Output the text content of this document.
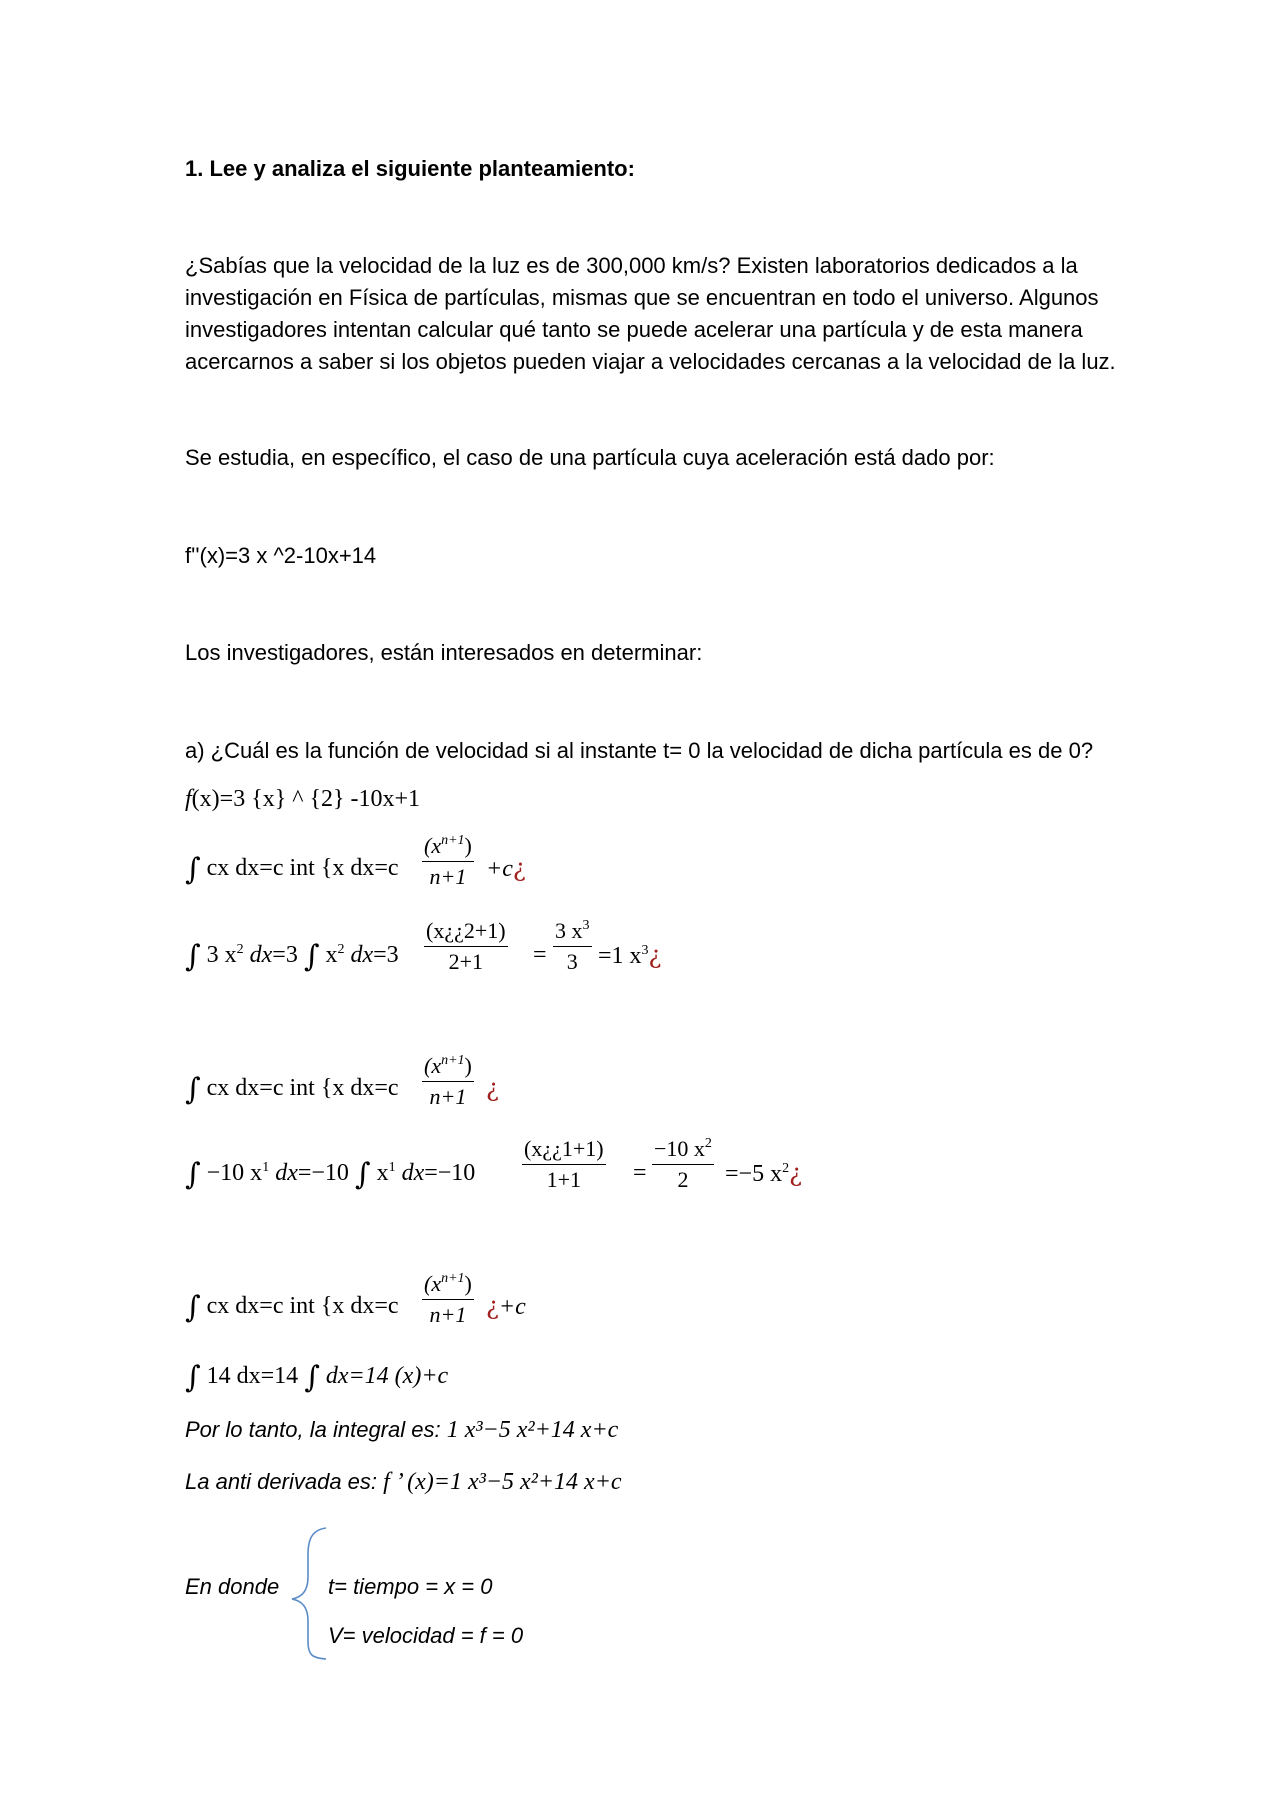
1. Lee y analiza el siguiente planteamiento:
¿Sabías que la velocidad de la luz es de 300,000 km/s? Existen laboratorios dedicados a la
investigación en Física de partículas, mismas que se encuentran en todo el universo. Algunos
investigadores intentan calcular qué tanto se puede acelerar una partícula y de esta manera
acercarnos a saber si los objetos pueden viajar a velocidades cercanas a la velocidad de la luz.
Se estudia, en específico, el caso de una partícula cuya aceleración está dado por:
f''(x)=3 x ^2-10x+14
Los investigadores, están interesados en determinar:
a) ¿Cuál es la función de velocidad si al instante t= 0 la velocidad de dicha partícula es de 0?
f(x)=3 {x} ^ {2} -10x+1
∫ cx dx=c int {x $dx=c \frac{(x^{n+1})}{n+1}$ +c¿
∫ 3 $x^2$ dx=3 ∫ $x^2$ $dx=3 \frac{(x¿¿2+1)}{2+1} = \frac{3 x^3}{3} =1$ $x^3¿$
∫ cx dx=c int {x $dx=c \frac{(x^{n+1})}{n+1}$ ¿
∫ −10 $x^1$ dx=−10 ∫ $x^1$ $dx=-10 \frac{(x¿¿1+1)}{1+1} = \frac{-10 x^2}{2} =-5$ $x^2¿$
∫ cx dx=c int {x $dx=c \frac{(x^{n+1})}{n+1}$ ¿+c
∫ 14 dx=14 ∫ dx=14 (x)+c
Por lo tanto, la integral es: 1 x³−5 x²+14 x+c
La anti derivada es: f ’ (x)=1 x³−5 x²+14 x+c
En donde t= tiempo = x = 0
V= velocidad = f = 0
